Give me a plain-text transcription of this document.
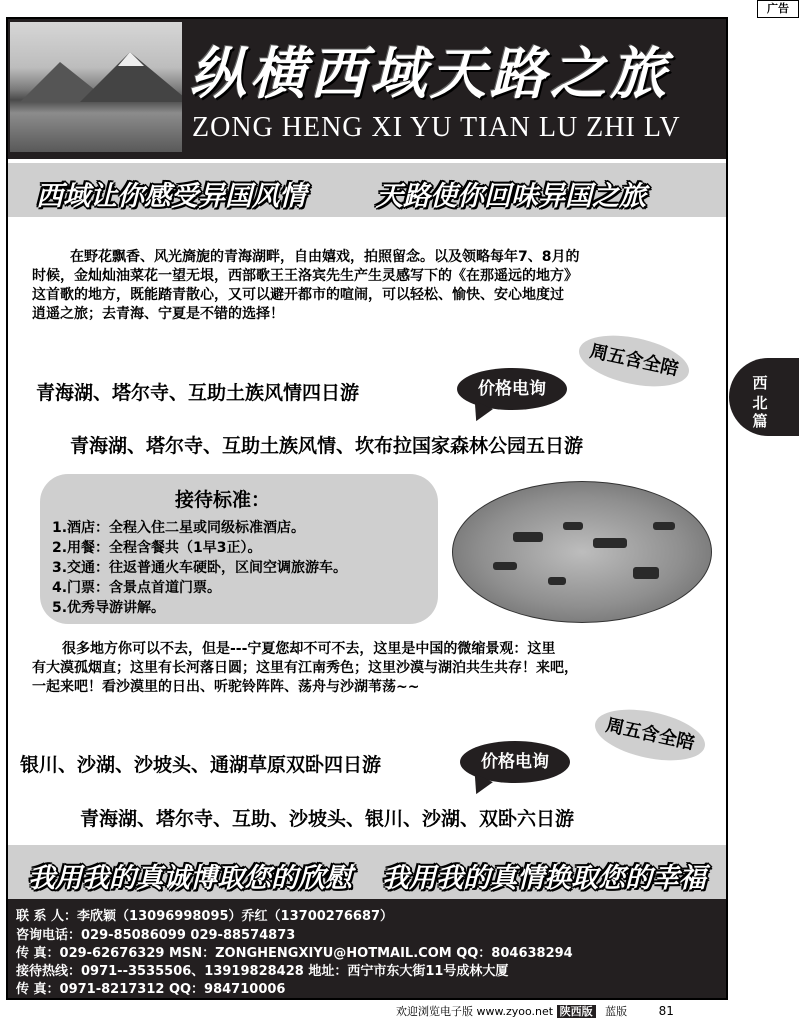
广告
纵横西域天路之旅
ZONG HENG XI YU TIAN LU ZHI LV
西域让你感受异国风情	天路使你回味异国之旅
在野花飘香、风光旖旎的青海湖畔，自由嬉戏，拍照留念。以及领略每年7、8月的
时候，金灿灿油菜花一望无垠，西部歌王王洛宾先生产生灵感写下的《在那遥远的地方》
这首歌的地方，既能踏青散心，又可以避开都市的喧闹，可以轻松、愉快、安心地度过
逍遥之旅；去青海、宁夏是不错的选择！
周五含全陪
青海湖、塔尔寺、互助土族风情四日游	价格电询
青海湖、塔尔寺、互助土族风情、坎布拉国家森林公园五日游
接待标准：
1.酒店：全程入住二星或同级标准酒店。
2.用餐：全程含餐共（1早3正）。
3.交通：往返普通火车硬卧，区间空调旅游车。
4.门票：含景点首道门票。
5.优秀导游讲解。
很多地方你可以不去，但是---宁夏您却不可不去，这里是中国的微缩景观：这里
有大漠孤烟直；这里有长河落日圆；这里有江南秀色；这里沙漠与湖泊共生共存！来吧，
一起来吧！看沙漠里的日出、听驼铃阵阵、荡舟与沙湖苇荡~~
周五含全陪
银川、沙湖、沙坡头、通湖草原双卧四日游	价格电询
青海湖、塔尔寺、互助、沙坡头、银川、沙湖、双卧六日游
我用我的真诚博取您的欣慰 我用我的真情换取您的幸福
联 系 人：李欣颖（13096998095）乔红（13700276687）
咨询电话：029-85086099 029-88574873
传 真：029-62676329 MSN：ZONGHENGXIYU@HOTMAIL.COM QQ：804638294
接待热线：0971--3535506、13919828428 地址：西宁市东大街11号成林大厦
传 真：0971-8217312 QQ：984710006
西
北
篇
欢迎浏览电子版 www.zyoo.net 陕西版 蓝版	81
